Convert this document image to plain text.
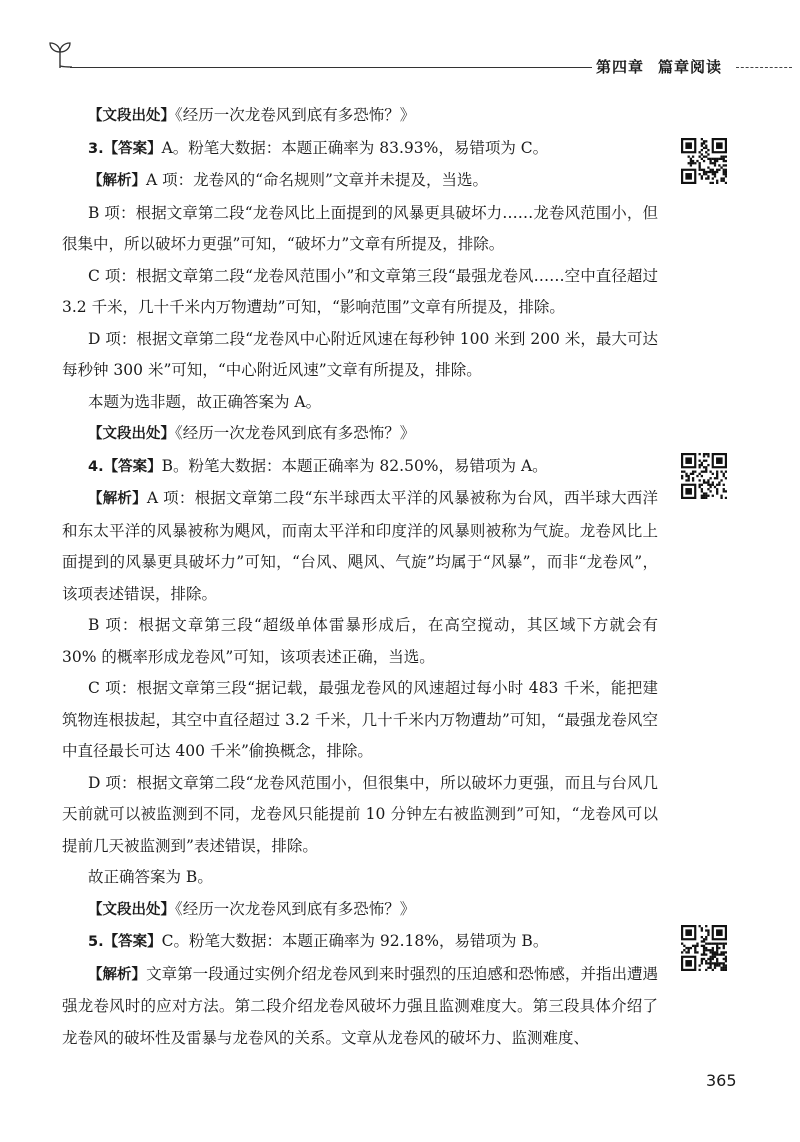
第四章 篇章阅读

【文段出处】《经历一次龙卷风到底有多恐怖？》

3.【答案】A。粉笔大数据：本题正确率为 83.93%，易错项为 C。

【解析】A 项：龙卷风的“命名规则”文章并未提及，当选。

B 项：根据文章第二段“龙卷风比上面提到的风暴更具破坏力……龙卷风范围小，但很集中，所以破坏力更强”可知，“破坏力”文章有所提及，排除。

C 项：根据文章第二段“龙卷风范围小”和文章第三段“最强龙卷风……空中直径超过 3.2 千米，几十千米内万物遭劫”可知，“影响范围”文章有所提及，排除。

D 项：根据文章第二段“龙卷风中心附近风速在每秒钟 100 米到 200 米，最大可达每秒钟 300 米”可知，“中心附近风速”文章有所提及，排除。

本题为选非题，故正确答案为 A。

【文段出处】《经历一次龙卷风到底有多恐怖？》

4.【答案】B。粉笔大数据：本题正确率为 82.50%，易错项为 A。

【解析】A 项：根据文章第二段“东半球西太平洋的风暴被称为台风，西半球大西洋和东太平洋的风暴被称为飓风，而南太平洋和印度洋的风暴则被称为气旋。龙卷风比上面提到的风暴更具破坏力”可知，“台风、飓风、气旋”均属于“风暴”，而非“龙卷风”，该项表述错误，排除。

B 项：根据文章第三段“超级单体雷暴形成后，在高空搅动，其区域下方就会有 30% 的概率形成龙卷风”可知，该项表述正确，当选。

C 项：根据文章第三段“据记载，最强龙卷风的风速超过每小时 483 千米，能把建筑物连根拔起，其空中直径超过 3.2 千米，几十千米内万物遭劫”可知，“最强龙卷风空中直径最长可达 400 千米”偷换概念，排除。

D 项：根据文章第二段“龙卷风范围小，但很集中，所以破坏力更强，而且与台风几天前就可以被监测到不同，龙卷风只能提前 10 分钟左右被监测到”可知，“龙卷风可以提前几天被监测到”表述错误，排除。

故正确答案为 B。

【文段出处】《经历一次龙卷风到底有多恐怖？》

5.【答案】C。粉笔大数据：本题正确率为 92.18%，易错项为 B。

【解析】文章第一段通过实例介绍龙卷风到来时强烈的压迫感和恐怖感，并指出遭遇强龙卷风时的应对方法。第二段介绍龙卷风破坏力强且监测难度大。第三段具体介绍了龙卷风的破坏性及雷暴与龙卷风的关系。文章从龙卷风的破坏力、监测难度、

365
